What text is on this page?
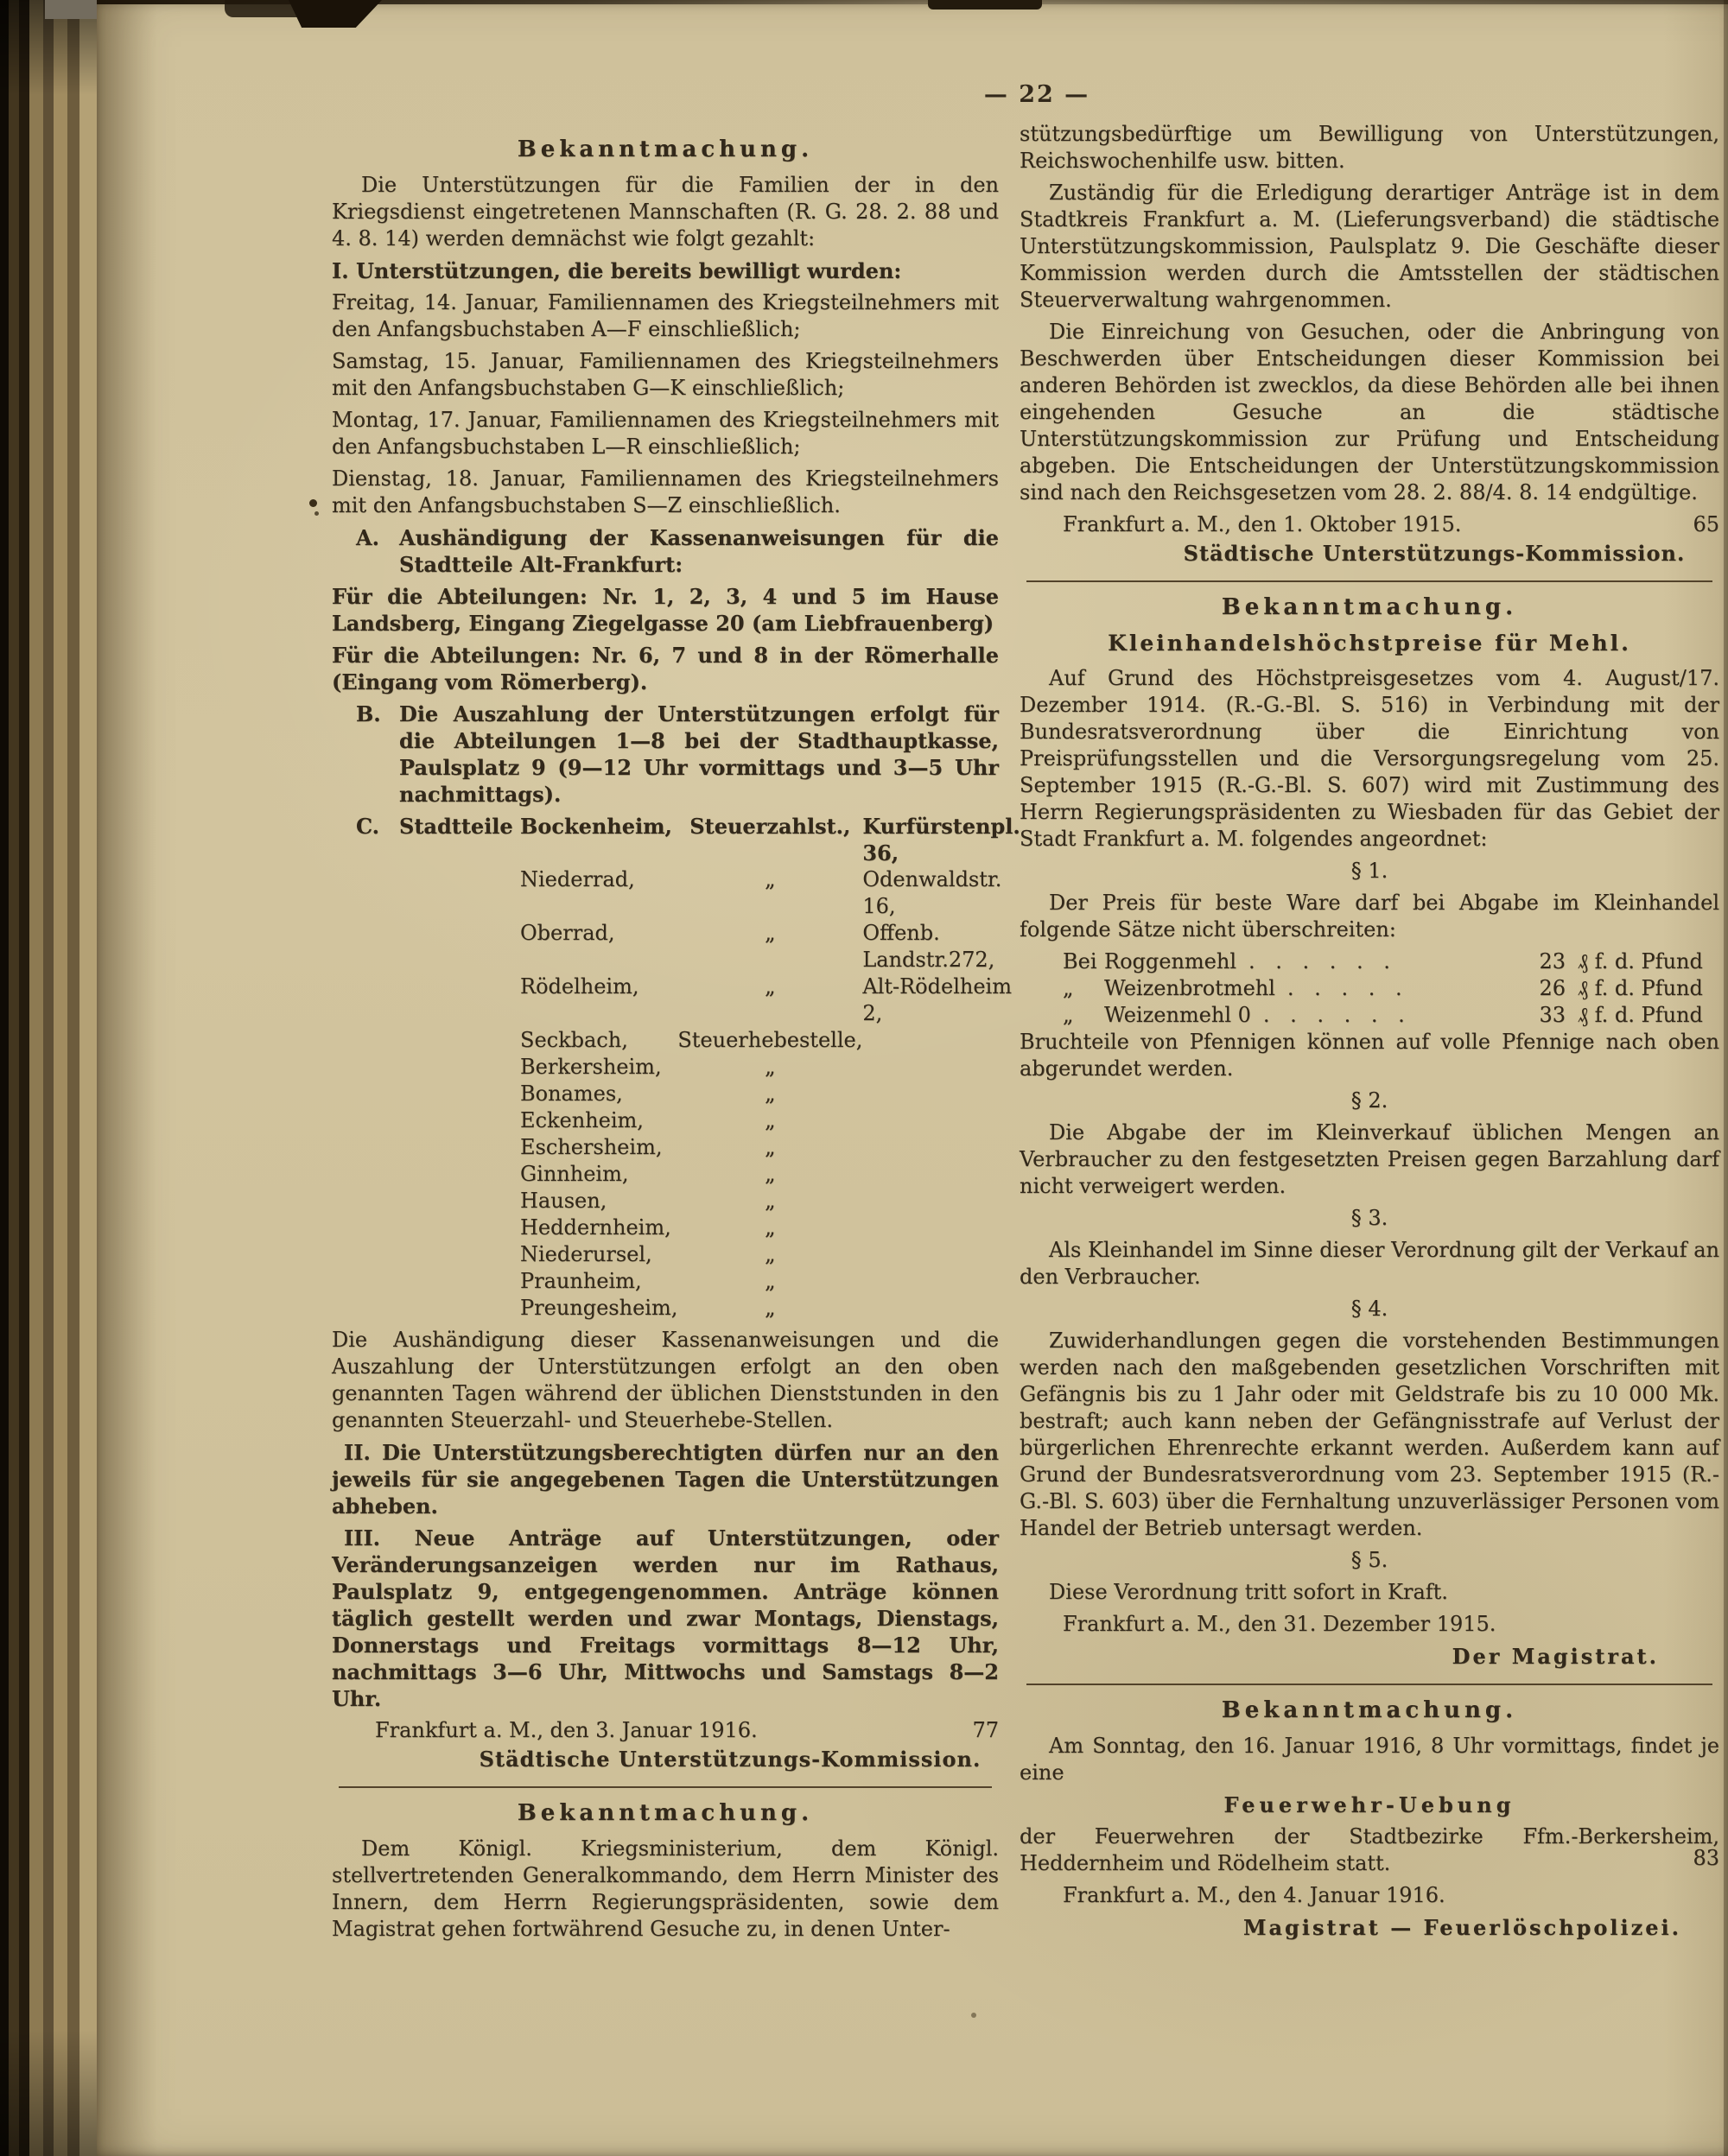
— 22 —
Bekanntmachung.

Die Unterstützungen für die Familien der in den Kriegsdienst eingetretenen Mannschaften (R. G. 28. 2. 88 und 4. 8. 14) werden demnächst wie folgt gezahlt:

I. Unterstützungen, die bereits bewilligt wurden:

Freitag, 14. Januar, Familiennamen des Kriegsteilnehmers mit den Anfangsbuchstaben A—F einschließlich;

Samstag, 15. Januar, Familiennamen des Kriegsteilnehmers mit den Anfangsbuchstaben G—K einschließlich;

Montag, 17. Januar, Familiennamen des Kriegsteilnehmers mit den Anfangsbuchstaben L—R einschließlich;

Dienstag, 18. Januar, Familiennamen des Kriegsteilnehmers mit den Anfangsbuchstaben S—Z einschließlich.

A. Aushändigung der Kassenanweisungen für die Stadtteile Alt-Frankfurt:

Für die Abteilungen: Nr. 1, 2, 3, 4 und 5 im Hause Landsberg, Eingang Ziegelgasse 20 (am Liebfrauenberg)

Für die Abteilungen: Nr. 6, 7 und 8 in der Römerhalle (Eingang vom Römerberg).

B. Die Auszahlung der Unterstützungen erfolgt für die Abteilungen 1—8 bei der Stadthauptkasse, Paulsplatz 9 (9—12 Uhr vormittags und 3—5 Uhr nachmittags).
C. Stadtteile Bockenheim,	Steuerzahlst.,	Kurfürstenpl. 36,
Niederrad,	„	Odenwaldstr. 16,
Oberrad,	„	Offenb. Landstr.272,
Rödelheim,	„	Alt-Rödelheim 2,
Seckbach,	Steuerhebestelle,	
Berkersheim,	„	
Bonames,	„	
Eckenheim,	„	
Eschersheim,	„	
Ginnheim,	„	
Hausen,	„	
Heddernheim,	„	
Niederursel,	„	
Praunheim,	„	
Preungesheim,	„	

Die Aushändigung dieser Kassenanweisungen und die Auszahlung der Unterstützungen erfolgt an den oben genannten Tagen während der üblichen Dienststunden in den genannten Steuerzahl- und Steuerhebe-Stellen.

II. Die Unterstützungsberechtigten dürfen nur an den jeweils für sie angegebenen Tagen die Unterstützungen abheben.

III. Neue Anträge auf Unterstützungen, oder Veränderungsanzeigen werden nur im Rathaus, Paulsplatz 9, entgegengenommen. Anträge können täglich gestellt werden und zwar Montags, Dienstags, Donnerstags und Freitags vormittags 8—12 Uhr, nachmittags 3—6 Uhr, Mittwochs und Samstags 8—2 Uhr.

Frankfurt a. M., den 3. Januar 1916.	77

Städtische Unterstützungs-Kommission.

Bekanntmachung.

Dem Königl. Kriegsministerium, dem Königl. stellvertretenden Generalkommando, dem Herrn Minister des Innern, dem Herrn Regierungspräsidenten, sowie dem Magistrat gehen fortwährend Gesuche zu, in denen Unter-

stützungsbedürftige um Bewilligung von Unterstützungen, Reichswochenhilfe usw. bitten.

Zuständig für die Erledigung derartiger Anträge ist in dem Stadtkreis Frankfurt a. M. (Lieferungsverband) die städtische Unterstützungskommission, Paulsplatz 9. Die Geschäfte dieser Kommission werden durch die Amtsstellen der städtischen Steuerverwaltung wahrgenommen.

Die Einreichung von Gesuchen, oder die Anbringung von Beschwerden über Entscheidungen dieser Kommission bei anderen Behörden ist zwecklos, da diese Behörden alle bei ihnen eingehenden Gesuche an die städtische Unterstützungskommission zur Prüfung und Entscheidung abgeben. Die Entscheidungen der Unterstützungskommission sind nach den Reichsgesetzen vom 28. 2. 88/4. 8. 14 endgültige.

Frankfurt a. M., den 1. Oktober 1915.	65

Städtische Unterstützungs-Kommission.

Bekanntmachung.
Kleinhandelshöchstpreise für Mehl.

Auf Grund des Höchstpreisgesetzes vom 4. August/17. Dezember 1914. (R.-G.-Bl. S. 516) in Verbindung mit der Bundesratsverordnung über die Einrichtung von Preisprüfungsstellen und die Versorgungsregelung vom 25. September 1915 (R.-G.-Bl. S. 607) wird mit Zustimmung des Herrn Regierungspräsidenten zu Wiesbaden für das Gebiet der Stadt Frankfurt a. M. folgendes angeordnet:

§ 1.

Der Preis für beste Ware darf bei Abgabe im Kleinhandel folgende Sätze nicht überschreiten:

Bei Roggenmehl . . . . . .	23 ₰ f. d. Pfund
„	Weizenbrotmehl . . . . .	26 ₰ f. d. Pfund
„	Weizenmehl 0 . . . . . .	33 ₰ f. d. Pfund

Bruchteile von Pfennigen können auf volle Pfennige nach oben abgerundet werden.

§ 2.

Die Abgabe der im Kleinverkauf üblichen Mengen an Verbraucher zu den festgesetzten Preisen gegen Barzahlung darf nicht verweigert werden.

§ 3.

Als Kleinhandel im Sinne dieser Verordnung gilt der Verkauf an den Verbraucher.

§ 4.

Zuwiderhandlungen gegen die vorstehenden Bestimmungen werden nach den maßgebenden gesetzlichen Vorschriften mit Gefängnis bis zu 1 Jahr oder mit Geldstrafe bis zu 10 000 Mk. bestraft; auch kann neben der Gefängnisstrafe auf Verlust der bürgerlichen Ehrenrechte erkannt werden. Außerdem kann auf Grund der Bundesratsverordnung vom 23. September 1915 (R.-G.-Bl. S. 603) über die Fernhaltung unzuverlässiger Personen vom Handel der Betrieb untersagt werden.

§ 5.

Diese Verordnung tritt sofort in Kraft.

Frankfurt a. M., den 31. Dezember 1915.

Der Magistrat.

Bekanntmachung.

Am Sonntag, den 16. Januar 1916, 8 Uhr vormittags, findet je eine

Feuerwehr-Uebung

der Feuerwehren der Stadtbezirke Ffm.-Berkersheim, Heddernheim und Rödelheim statt.	83

Frankfurt a. M., den 4. Januar 1916.

Magistrat — Feuerlöschpolizei.
